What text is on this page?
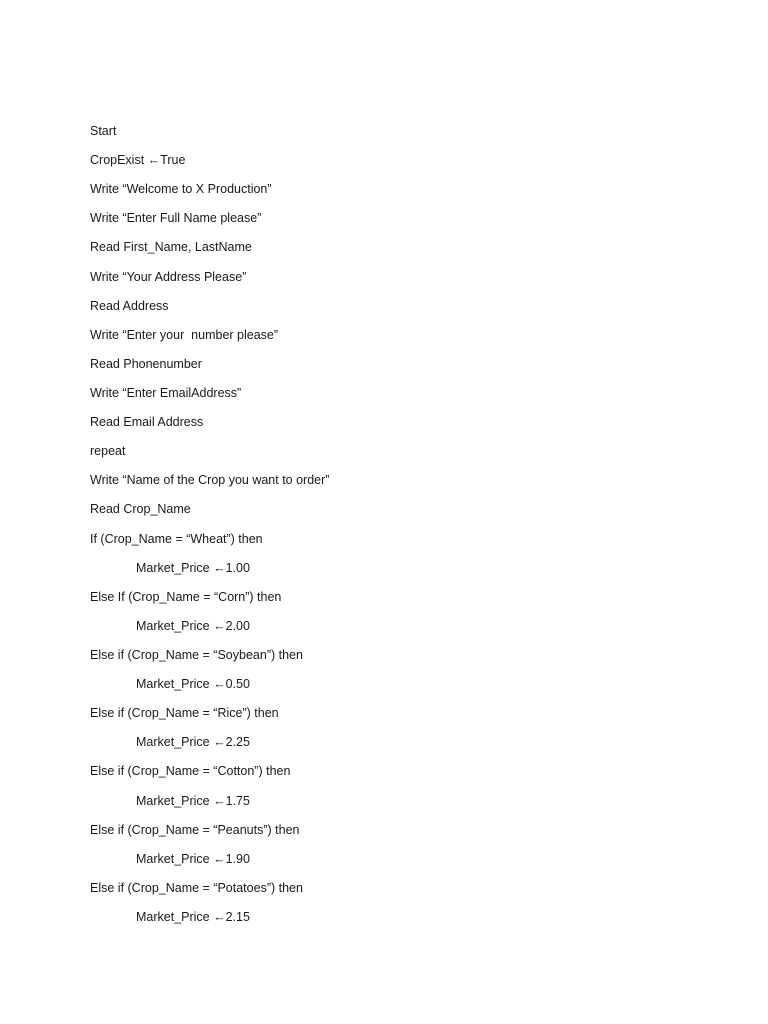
Start
CropExist ←True
Write “Welcome to X Production”
Write “Enter Full Name please”
Read First_Name, LastName
Write “Your Address Please”
Read Address
Write “Enter your  number please”
Read Phonenumber
Write “Enter EmailAddress”
Read Email Address
repeat
Write “Name of the Crop you want to order”
Read Crop_Name
If (Crop_Name = “Wheat”) then
Market_Price ←1.00
Else If (Crop_Name = “Corn”) then
Market_Price ←2.00
Else if (Crop_Name = “Soybean”) then
Market_Price ←0.50
Else if (Crop_Name = “Rice”) then
Market_Price ←2.25
Else if (Crop_Name = “Cotton”) then
Market_Price ←1.75
Else if (Crop_Name = “Peanuts”) then
Market_Price ←1.90
Else if (Crop_Name = “Potatoes”) then
Market_Price ←2.15
